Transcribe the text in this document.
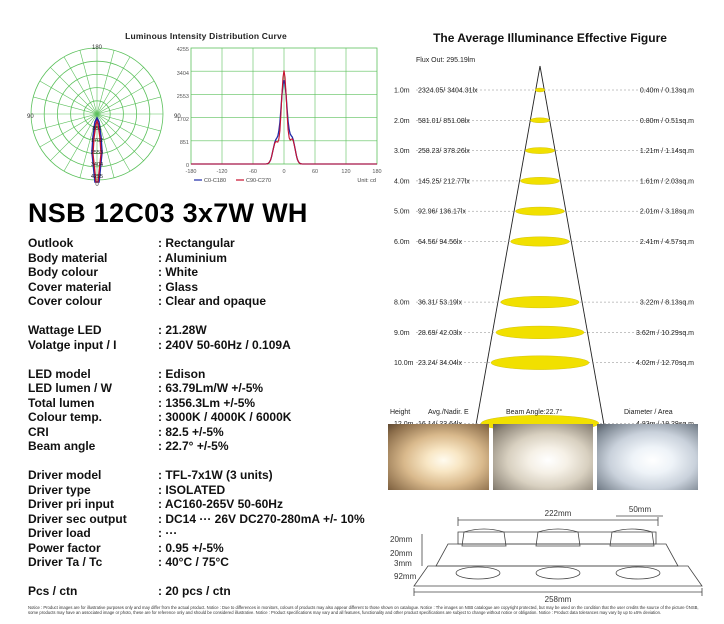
Luminous Intensity Distribution Curve
180
90	90
0
851
1702
2553
3404
4255
4255
3404
2553
1702
851
0
-180	-120	-60	0	60	120	180
C0-C180	C90-C270	Unit: cd
NSB 12C03 3x7W WH
Outlook	: Rectangular
Body material	: Aluminium
Body colour	: White
Cover material	: Glass
Cover colour	: Clear and opaque
Wattage LED	: 21.28W
Volatge input / I	: 240V 50-60Hz / 0.109A
LED model	: Edison
LED lumen / W	: 63.79Lm/W +/-5%
Total lumen	: 1356.3Lm +/-5%
Colour temp.	: 3000K / 4000K / 6000K
CRI	: 82.5 +/-5%
Beam angle	: 22.7° +/-5%
Driver model	: TFL-7x1W (3 units)
Driver type	: ISOLATED
Driver pri input	: AC160-265V 50-60Hz
Driver sec output	: DC14 ··· 26V DC270-280mA +/- 10%
Driver load	: ···
Power factor	: 0.95 +/-5%
Driver Ta / Tc	: 40°C / 75°C
Pcs / ctn	: 20 pcs / ctn
The Average Illuminance Effective Figure
Flux Out: 295.19lm
1.0m 2324.05/ 3404.31lx	0.40m / 0.13sq.m
2.0m 581.01/ 851.08lx	0.80m / 0.51sq.m
3.0m 258.23/ 378.26lx	1.21m / 1.14sq.m
4.0m 145.25/ 212.77lx	1.61m / 2.03sq.m
5.0m 92.96/ 136.17lx	2.01m / 3.18sq.m
6.0m 64.56/ 94.56lx	2.41m / 4.57sq.m
8.0m 36.31/ 53.19lx	3.22m / 8.13sq.m
9.0m 28.69/ 42.03lx	3.62m / 10.29sq.m
10.0m 23.24/ 34.04lx	4.02m / 12.70sq.m
Height	Avg./Nadir. E	Beam Angle:22.7°	Diameter / Area
222mm	50mm
20mm
20mm
3mm
92mm
258mm
Notice : Product images are for illustrative purposes only and may differ from the actual product. Notice : Due to differences in monitors, colours of products may also appear different to those shown on catalogue. Notice : The images on NSB catalogue are copyright protected, but may be used on the condition that the user credits the source of the picture ©NSB, some products may have an associated image or photo, these are for reference only and should be considered illustrative. Notice : Product specifications may vary and all features, functionality and other product specifications are subject to change without notice or obligation. Notice : Product data tolerances may vary by up to ±5% deviation.
